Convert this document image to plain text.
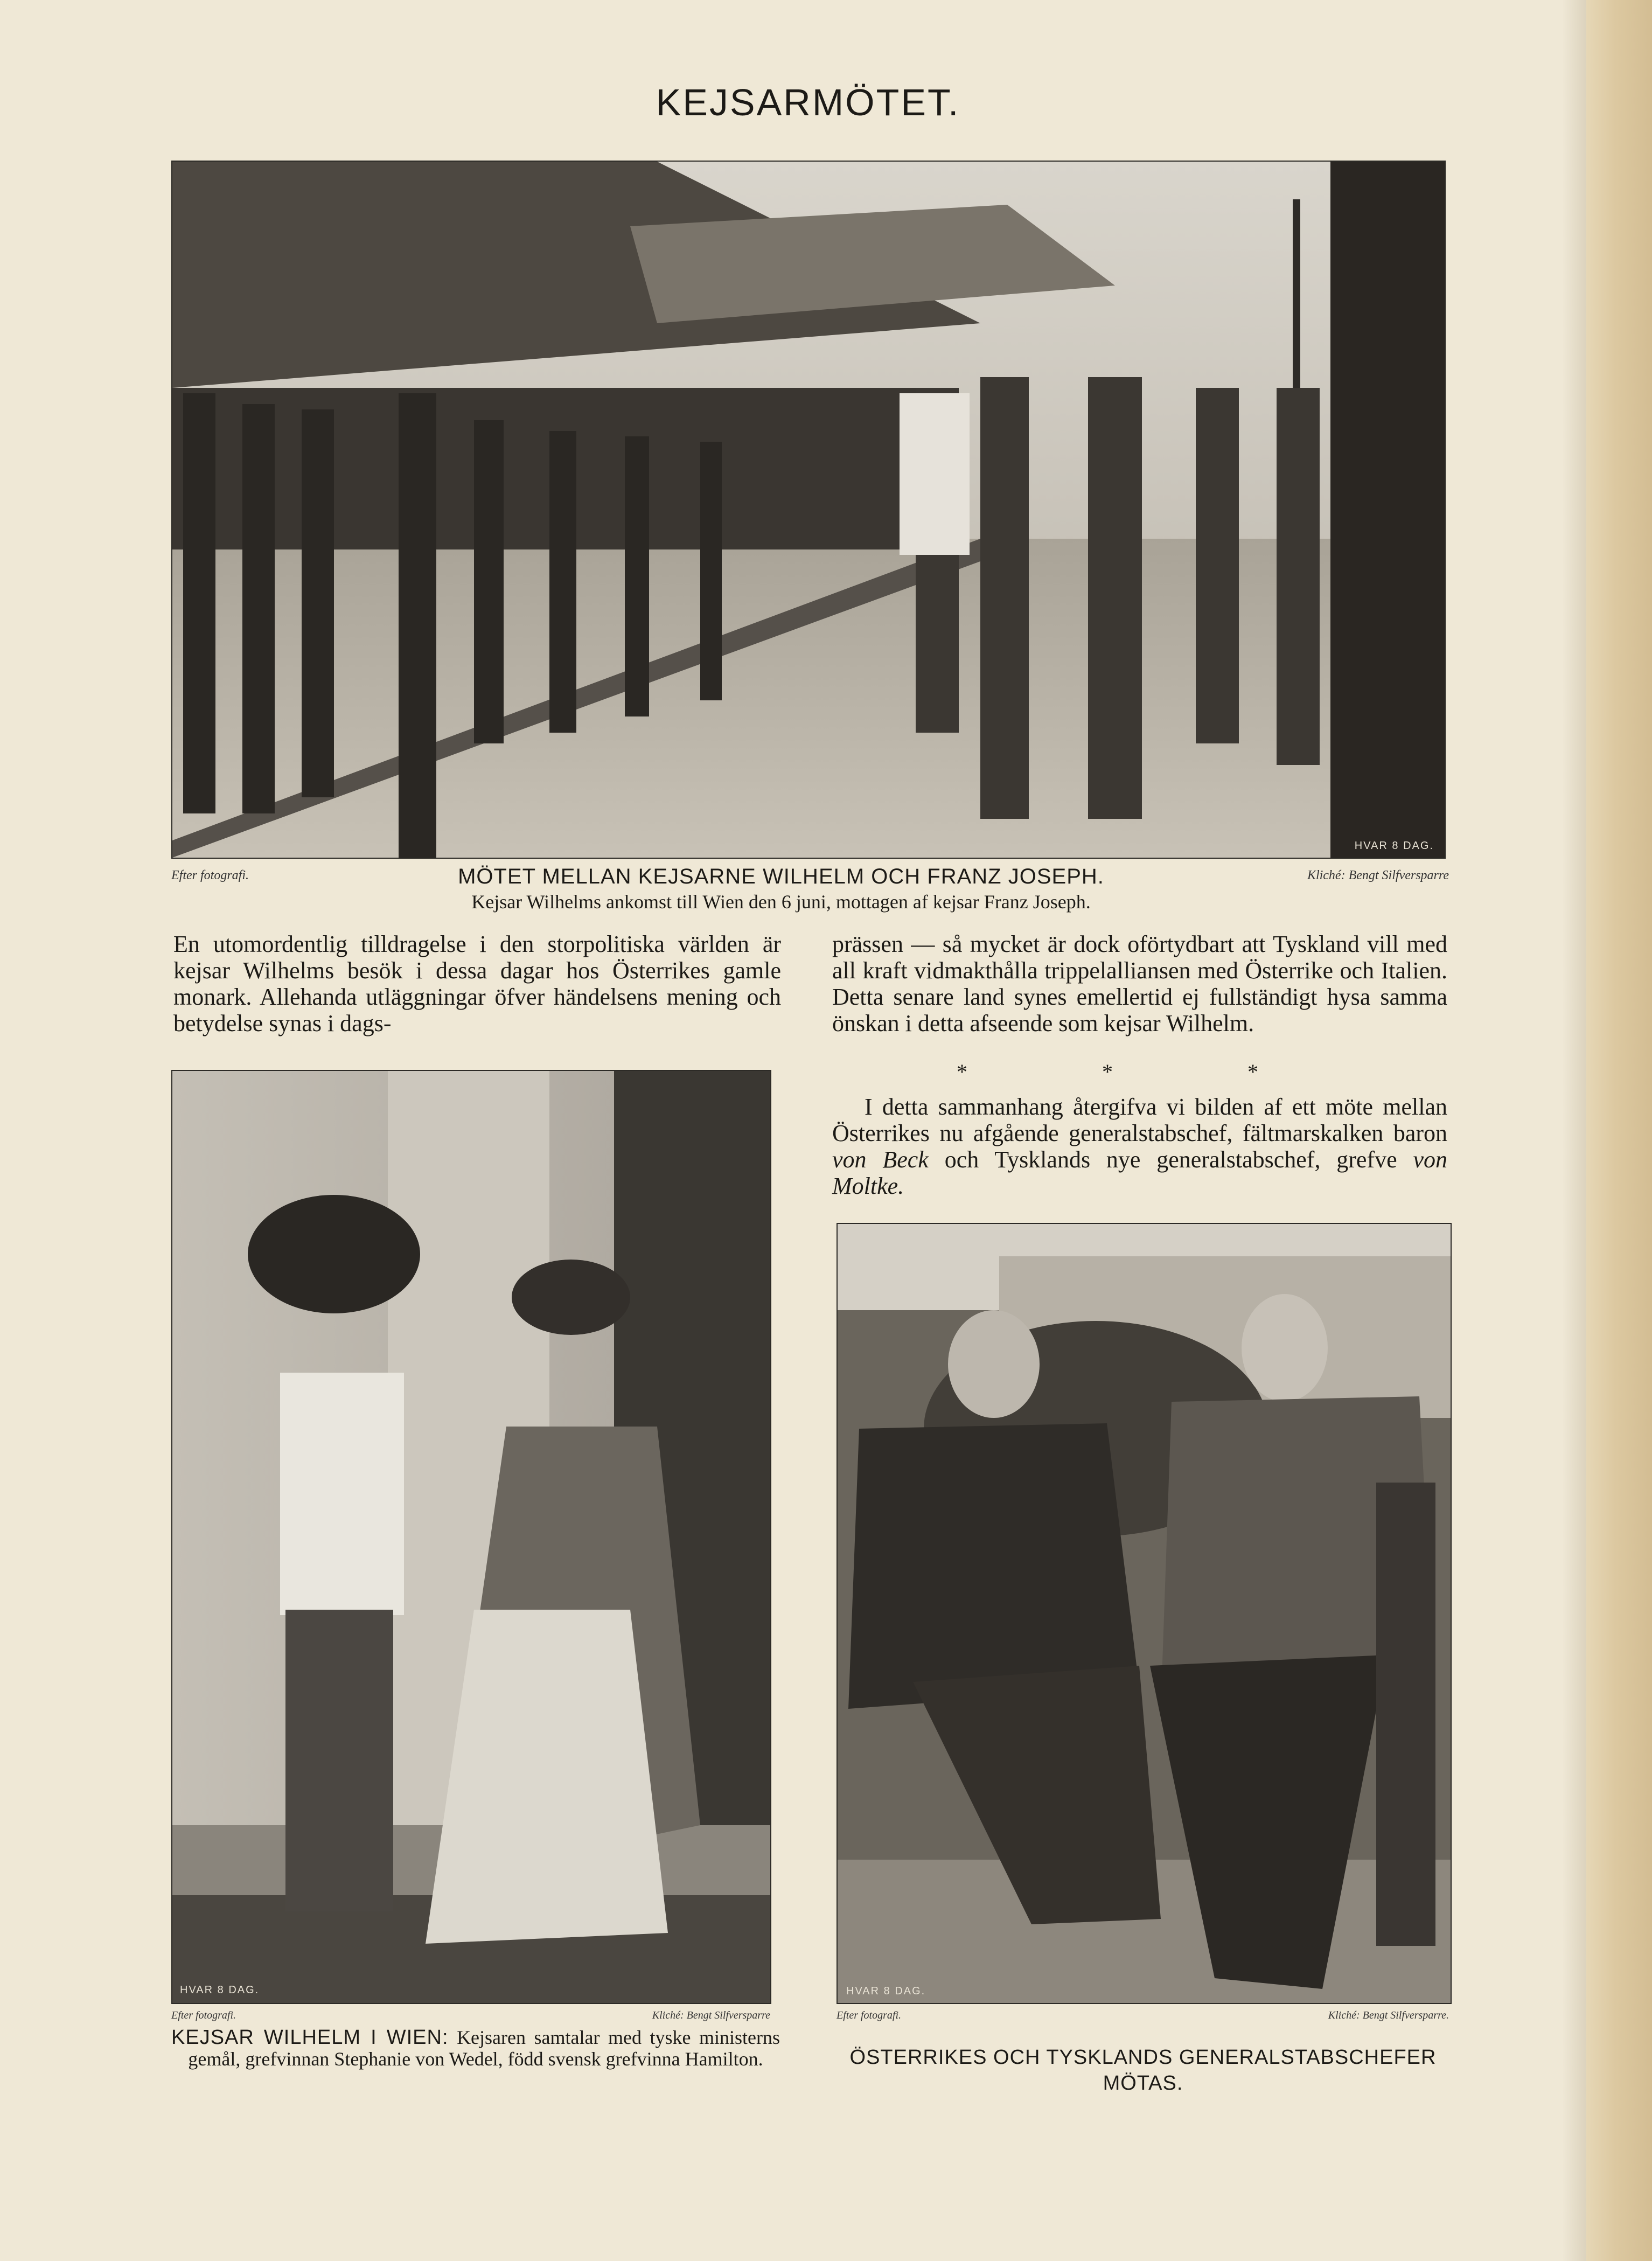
KEJSARMÖTET.
HVAR 8 DAG.
Efter fotografi.	Kliché: Bengt Silfversparre
MÖTET MELLAN KEJSARNE WILHELM OCH FRANZ JOSEPH.
Kejsar Wilhelms ankomst till Wien den 6 juni, mottagen af kejsar Franz Joseph.

En utomordentlig tilldragelse i den storpolitiska världen är kejsar Wilhelms besök i dessa dagar hos Österrikes gamle monark. Allehanda utläggningar öfver händelsens mening och betydelse synas i dags-

prässen — så mycket är dock oförtydbart att Tyskland vill med all kraft vidmakthålla trippelalliansen med Österrike och Italien. Detta senare land synes emellertid ej fullständigt hysa samma önskan i detta afseende som kejsar Wilhelm.

* * *

I detta sammanhang återgifva vi bilden af ett möte mellan Österrikes nu afgående generalstabschef, fältmarskalken baron von Beck och Tysklands nye generalstabschef, grefve von Moltke.

HVAR 8 DAG.
Efter fotografi.	Kliché: Bengt Silfversparre
KEJSAR WILHELM I WIEN: Kejsaren samtalar med tyske ministerns gemål, grefvinnan Stephanie von Wedel, född svensk grefvinna Hamilton.
HVAR 8 DAG.
Efter fotografi.	Kliché: Bengt Silfversparre.
ÖSTERRIKES OCH TYSKLANDS GENERALSTABSCHEFER MÖTAS.
